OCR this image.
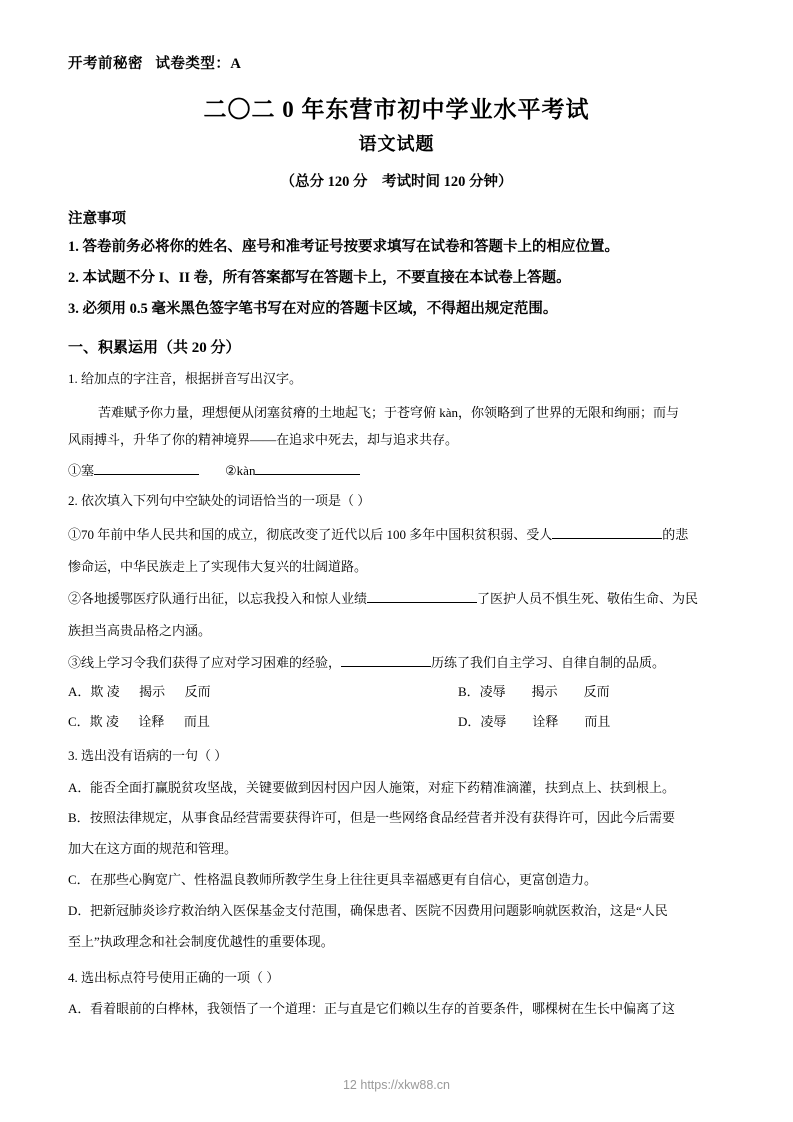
开考前秘密   试卷类型：A
二〇二 0 年东营市初中学业水平考试
语文试题
（总分 120 分    考试时间 120 分钟）
注意事项
1. 答卷前务必将你的姓名、座号和准考证号按要求填写在试卷和答题卡上的相应位置。
2. 本试题不分 I、II 卷，所有答案都写在答题卡上，不要直接在本试卷上答题。
3. 必须用 0.5 毫米黑色签字笔书写在对应的答题卡区域，不得超出规定范围。
一、积累运用（共 20 分）
1. 给加点的字注音，根据拼音写出汉字。
苦难赋予你力量，理想便从闭塞贫瘠的土地起飞；于苍穹俯 kàn，你领略到了世界的无限和绚丽；而与
风雨搏斗，升华了你的精神境界——在追求中死去，却与追求共存。
①塞	②kàn
2. 依次填入下列句中空缺处的词语恰当的一项是（ ）
①70 年前中华人民共和国的成立，彻底改变了近代以后 100 多年中国积贫积弱、受人	的悲
惨命运，中华民族走上了实现伟大复兴的壮阔道路。
②各地援鄂医疗队通行出征，以忘我投入和惊人业绩	了医护人员不惧生死、敬佑生命、为民
族担当高贵品格之内涵。
③线上学习令我们获得了应对学习困难的经验，	历练了我们自主学习、自律自制的品质。
A．欺 凌      揭示      反而	B．凌辱        揭示        反而
C．欺 凌      诠释      而且	D．凌辱        诠释        而且
3. 选出没有语病的一句（ ）
A．能否全面打赢脱贫攻坚战，关键要做到因村因户因人施策，对症下药精准滴灌，扶到点上、扶到根上。
B．按照法律规定，从事食品经营需要获得许可，但是一些网络食品经营者并没有获得许可，因此今后需要
加大在这方面的规范和管理。
C．在那些心胸宽广、性格温良教师所教学生身上往往更具幸福感更有自信心，更富创造力。
D．把新冠肺炎诊疗救治纳入医保基金支付范围，确保患者、医院不因费用问题影响就医救治，这是“人民
至上”执政理念和社会制度优越性的重要体现。
4. 选出标点符号使用正确的一项（ ）
A．看着眼前的白桦林，我领悟了一个道理：正与直是它们赖以生存的首要条件，哪棵树在生长中偏离了这
12 https://xkw88.cn
